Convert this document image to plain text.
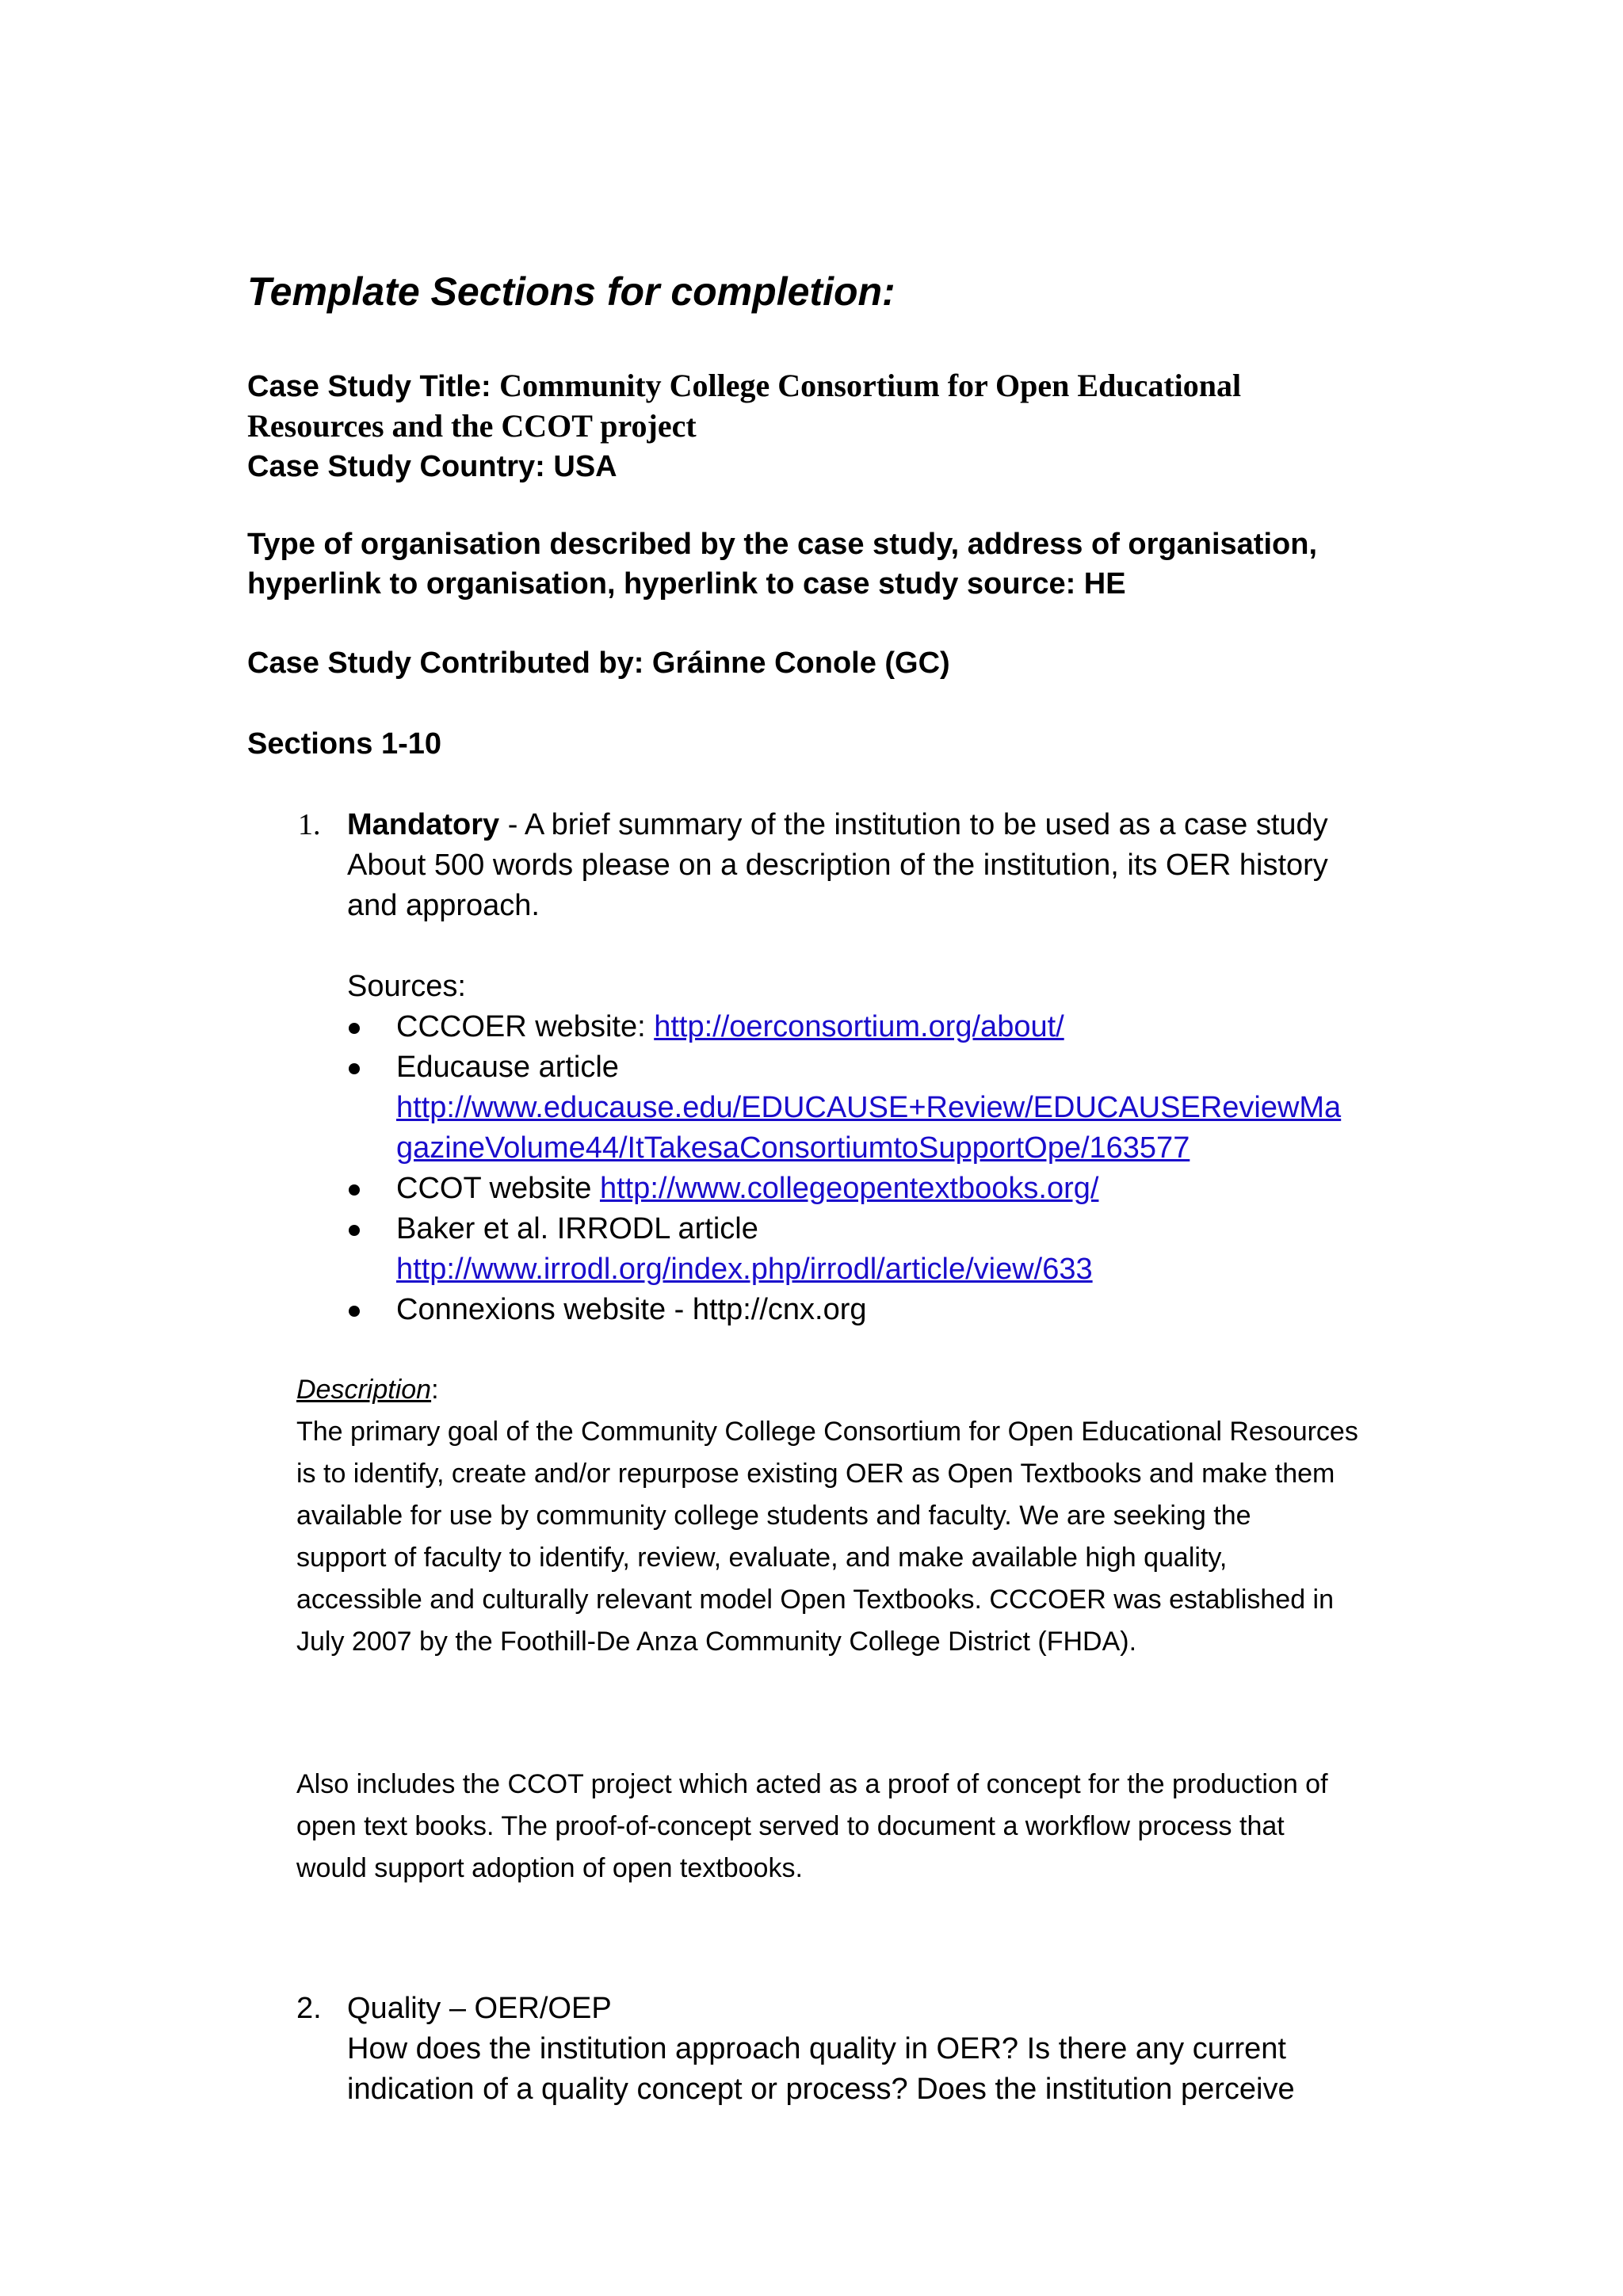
Template Sections for completion:
Case Study Title: Community College Consortium for Open Educational
Resources and the CCOT project
Case Study Country: USA
Type of organisation described by the case study, address of organisation,
hyperlink to organisation, hyperlink to case study source: HE
Case Study Contributed by: Gráinne Conole (GC)
Sections 1-10
1. Mandatory - A brief summary of the institution to be used as a case study
About 500 words please on a description of the institution, its OER history
and approach.
Sources:
CCCOER website: http://oerconsortium.org/about/
Educause article
http://www.educause.edu/EDUCAUSE+Review/EDUCAUSEReviewMa
gazineVolume44/ItTakesaConsortiumtoSupportOpe/163577
CCOT website http://www.collegeopentextbooks.org/
Baker et al. IRRODL article
http://www.irrodl.org/index.php/irrodl/article/view/633
Connexions website - http://cnx.org
Description:
The primary goal of the Community College Consortium for Open Educational Resources
is to identify, create and/or repurpose existing OER as Open Textbooks and make them
available for use by community college students and faculty. We are seeking the
support of faculty to identify, review, evaluate, and make available high quality,
accessible and culturally relevant model Open Textbooks. CCCOER was established in
July 2007 by the Foothill-De Anza Community College District (FHDA).
Also includes the CCOT project which acted as a proof of concept for the production of
open text books. The proof-of-concept served to document a workflow process that
would support adoption of open textbooks.
2. Quality – OER/OEP
How does the institution approach quality in OER? Is there any current
indication of a quality concept or process? Does the institution perceive
